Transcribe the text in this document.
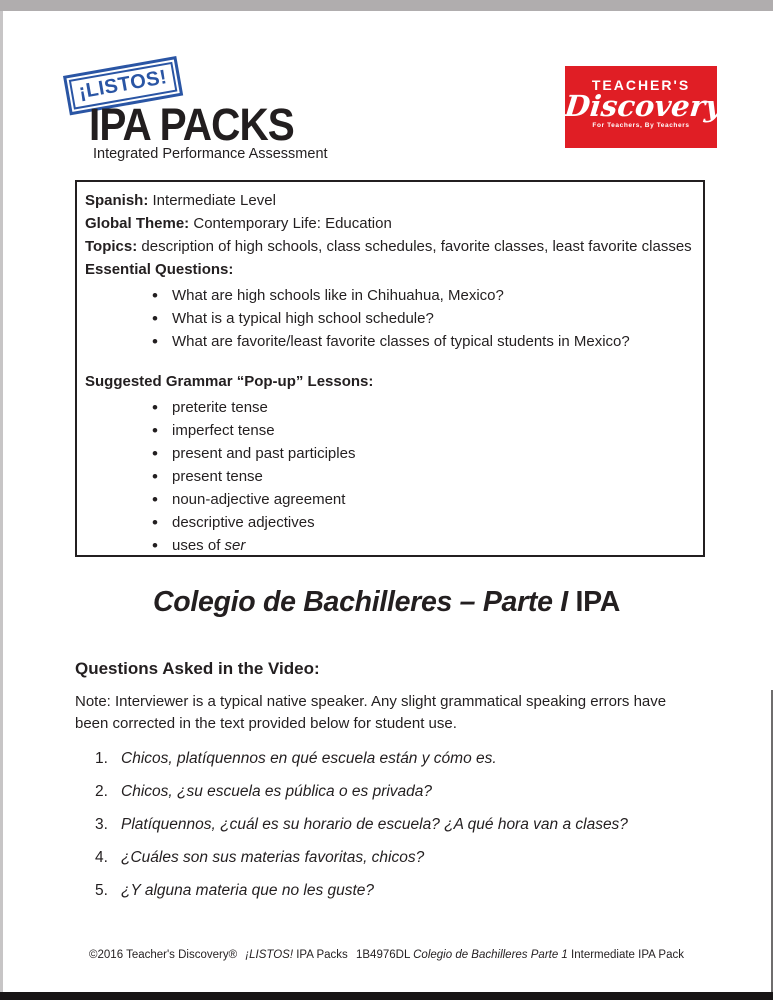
¡LISTOS!
IPA PACKS
Integrated Performance Assessment
TEACHER'S
Discovery
For Teachers, By Teachers
Spanish: Intermediate Level
Global Theme: Contemporary Life: Education
Topics: description of high schools, class schedules, favorite classes, least favorite classes
Essential Questions:
• What are high schools like in Chihuahua, Mexico?
• What is a typical high school schedule?
• What are favorite/least favorite classes of typical students in Mexico?
Suggested Grammar “Pop-up” Lessons:
• preterite tense
• imperfect tense
• present and past participles
• present tense
• noun-adjective agreement
• descriptive adjectives
• uses of ser
Colegio de Bachilleres – Parte I IPA
Questions Asked in the Video:

Note: Interviewer is a typical native speaker. Any slight grammatical speaking errors have been corrected in the text provided below for student use.

1. Chicos, platíquennos en qué escuela están y cómo es.
2. Chicos, ¿su escuela es pública o es privada?
3. Platíquennos, ¿cuál es su horario de escuela? ¿A qué hora van a clases?
4. ¿Cuáles son sus materias favoritas, chicos?
5. ¿Y alguna materia que no les guste?
©2016 Teacher's Discovery® ¡LISTOS! IPA Packs 1B4976DL Colegio de Bachilleres Parte 1 Intermediate IPA Pack
